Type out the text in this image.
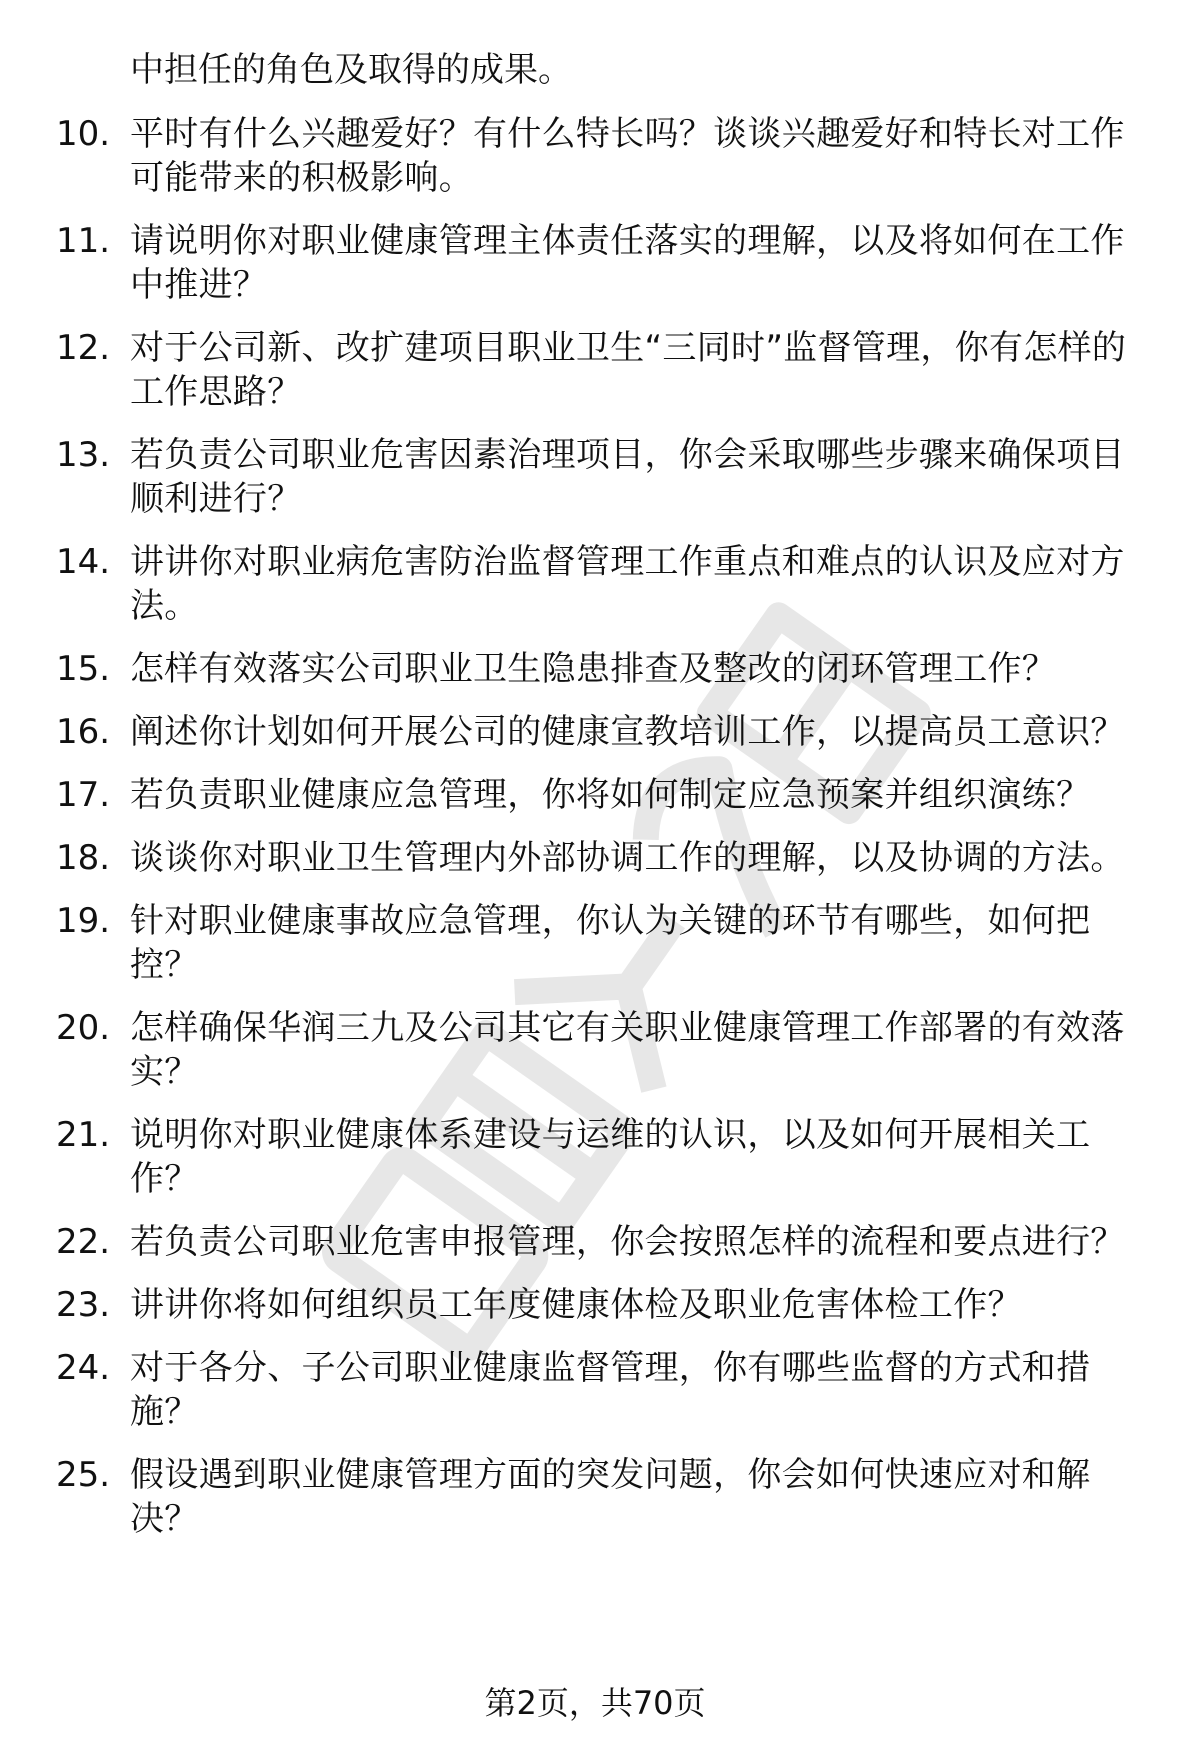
中担任的角色及取得的成果。
10. 平时有什么兴趣爱好？有什么特长吗？谈谈兴趣爱好和特长对工作可能带来的积极影响。
11. 请说明你对职业健康管理主体责任落实的理解，以及将如何在工作中推进？
12. 对于公司新、改扩建项目职业卫生“三同时”监督管理，你有怎样的工作思路？
13. 若负责公司职业危害因素治理项目，你会采取哪些步骤来确保项目顺利进行？
14. 讲讲你对职业病危害防治监督管理工作重点和难点的认识及应对方法。
15. 怎样有效落实公司职业卫生隐患排查及整改的闭环管理工作？
16. 阐述你计划如何开展公司的健康宣教培训工作，以提高员工意识？
17. 若负责职业健康应急管理，你将如何制定应急预案并组织演练？
18. 谈谈你对职业卫生管理内外部协调工作的理解，以及协调的方法。
19. 针对职业健康事故应急管理，你认为关键的环节有哪些，如何把控？
20. 怎样确保华润三九及公司其它有关职业健康管理工作部署的有效落实？
21. 说明你对职业健康体系建设与运维的认识，以及如何开展相关工作？
22. 若负责公司职业危害申报管理，你会按照怎样的流程和要点进行？
23. 讲讲你将如何组织员工年度健康体检及职业危害体检工作？
24. 对于各分、子公司职业健康监督管理，你有哪些监督的方式和措施？
25. 假设遇到职业健康管理方面的突发问题，你会如何快速应对和解决？
第2页，共70页
